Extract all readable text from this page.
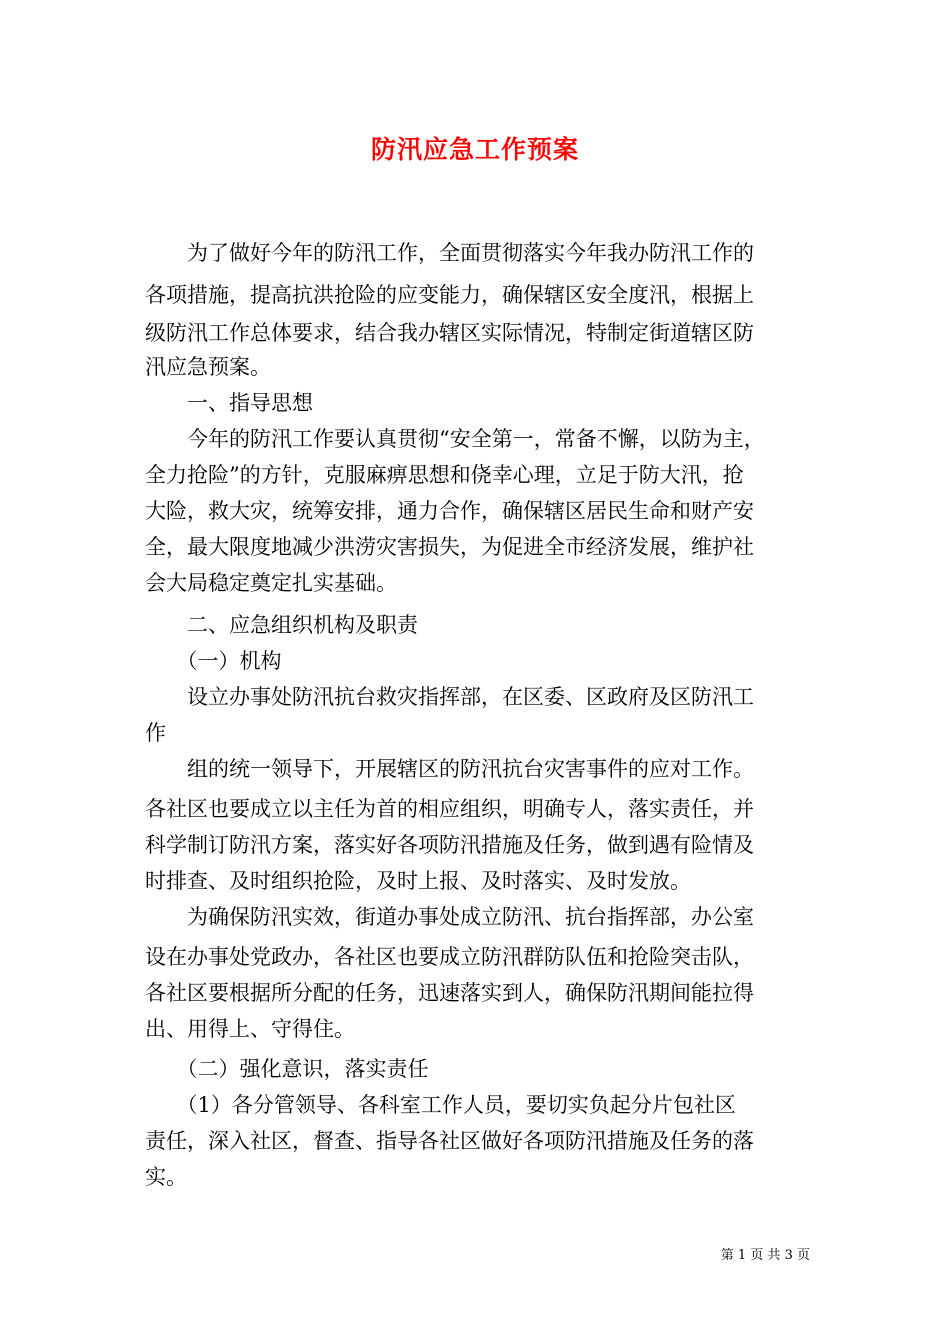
防汛应急工作预案

　　为了做好今年的防汛工作，全面贯彻落实今年我办防汛工作的

各项措施，提高抗洪抢险的应变能力，确保辖区安全度汛，根据上

级防汛工作总体要求，结合我办辖区实际情况，特制定街道辖区防

汛应急预案。

　　一、指导思想

　　今年的防汛工作要认真贯彻“安全第一，常备不懈，以防为主，

全力抢险”的方针，克服麻痹思想和侥幸心理，立足于防大汛，抢

大险，救大灾，统筹安排，通力合作，确保辖区居民生命和财产安

全，最大限度地减少洪涝灾害损失，为促进全市经济发展，维护社

会大局稳定奠定扎实基础。

　　二、应急组织机构及职责

　　（一）机构

　　设立办事处防汛抗台救灾指挥部，在区委、区政府及区防汛工

作

　　组的统一领导下，开展辖区的防汛抗台灾害事件的应对工作。

各社区也要成立以主任为首的相应组织，明确专人，落实责任，并

科学制订防汛方案，落实好各项防汛措施及任务，做到遇有险情及

时排查、及时组织抢险，及时上报、及时落实、及时发放。

　　为确保防汛实效，街道办事处成立防汛、抗台指挥部，办公室

设在办事处党政办，各社区也要成立防汛群防队伍和抢险突击队，

各社区要根据所分配的任务，迅速落实到人，确保防汛期间能拉得

出、用得上、守得住。

　　（二）强化意识，落实责任

　　（1）各分管领导、各科室工作人员，要切实负起分片包社区

责任，深入社区，督查、指导各社区做好各项防汛措施及任务的落

实。

第 1 页 共 3 页
